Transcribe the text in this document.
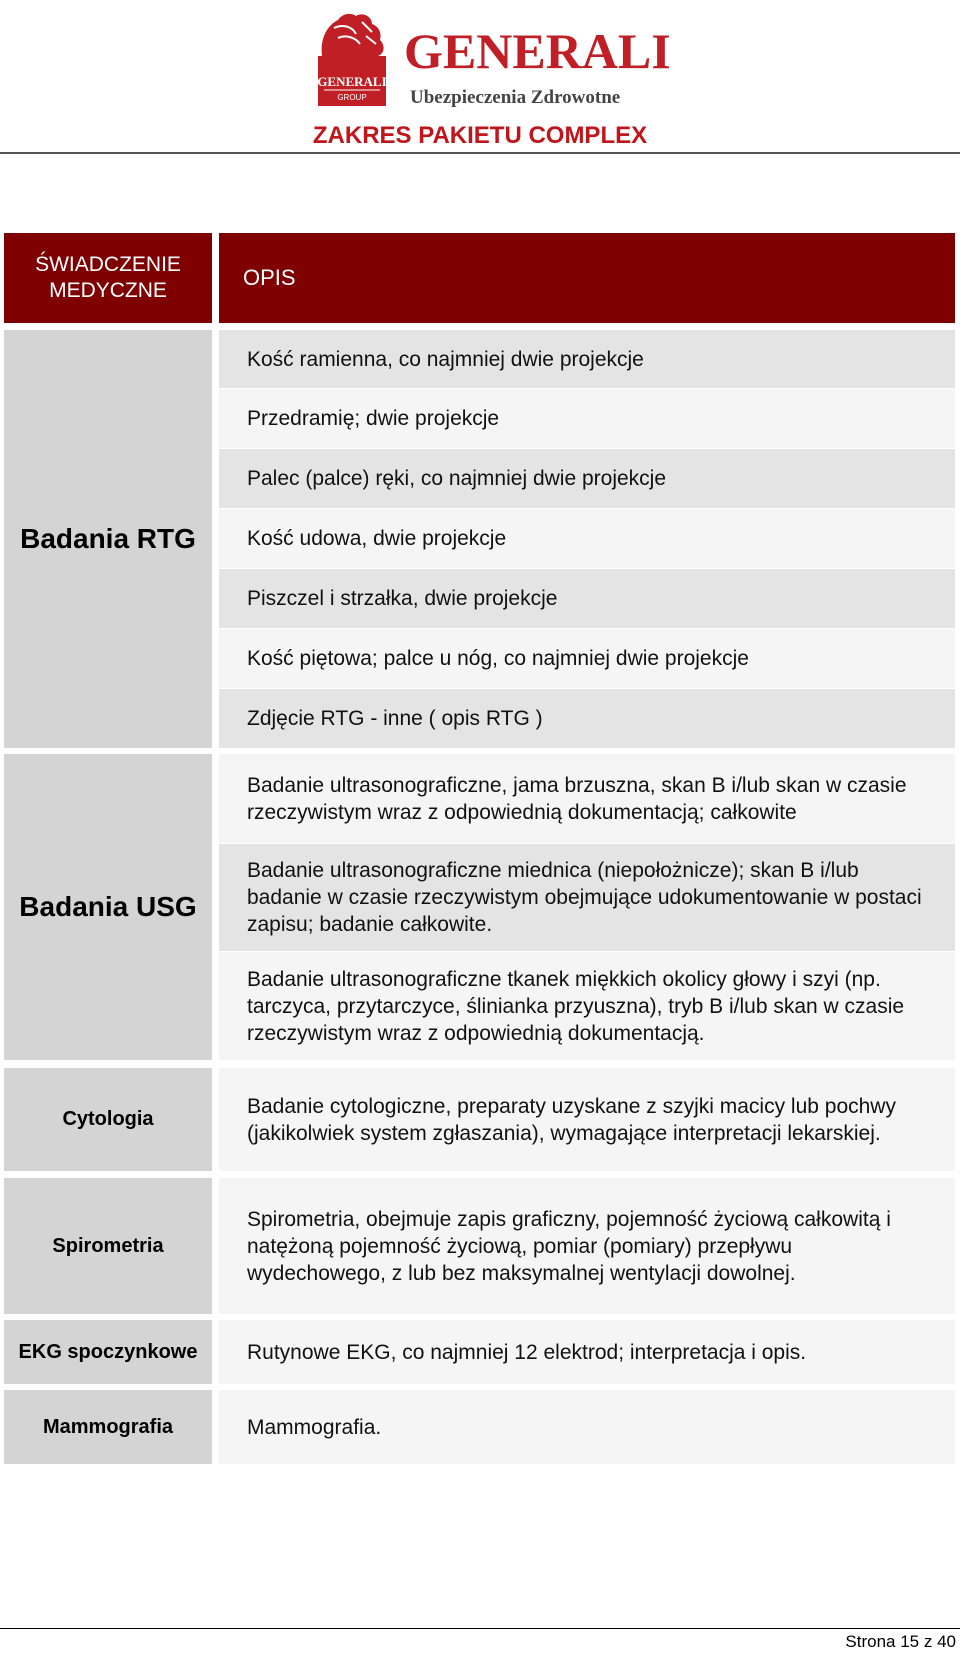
GENERALI
GROUP
GENERALI
Ubezpieczenia Zdrowotne
ZAKRES PAKIETU COMPLEX
ŚWIADCZENIE MEDYCZNE
OPIS
Badania RTG
Kość ramienna, co najmniej dwie projekcje
Przedramię; dwie projekcje
Palec (palce) ręki, co najmniej dwie projekcje
Kość udowa, dwie projekcje
Piszczel i strzałka, dwie projekcje
Kość piętowa; palce u nóg, co najmniej dwie projekcje
Zdjęcie RTG - inne ( opis RTG )
Badania USG
Badanie ultrasonograficzne, jama brzuszna, skan B i/lub skan w czasie rzeczywistym wraz z odpowiednią dokumentacją; całkowite
Badanie ultrasonograficzne miednica (niepołożnicze); skan B i/lub badanie w czasie rzeczywistym obejmujące udokumentowanie w postaci zapisu; badanie całkowite.
Badanie ultrasonograficzne tkanek miękkich okolicy głowy i szyi (np. tarczyca, przytarczyce, ślinianka przyuszna), tryb B i/lub skan w czasie rzeczywistym wraz z odpowiednią dokumentacją.
Cytologia
Badanie cytologiczne, preparaty uzyskane z szyjki macicy lub pochwy (jakikolwiek system zgłaszania), wymagające interpretacji lekarskiej.
Spirometria
Spirometria, obejmuje zapis graficzny, pojemność życiową całkowitą i natężoną pojemność życiową, pomiar (pomiary) przepływu wydechowego, z lub bez maksymalnej wentylacji dowolnej.
EKG spoczynkowe	Rutynowe EKG, co najmniej 12 elektrod; interpretacja i opis.
Mammografia	Mammografia.
Strona 15 z 40
